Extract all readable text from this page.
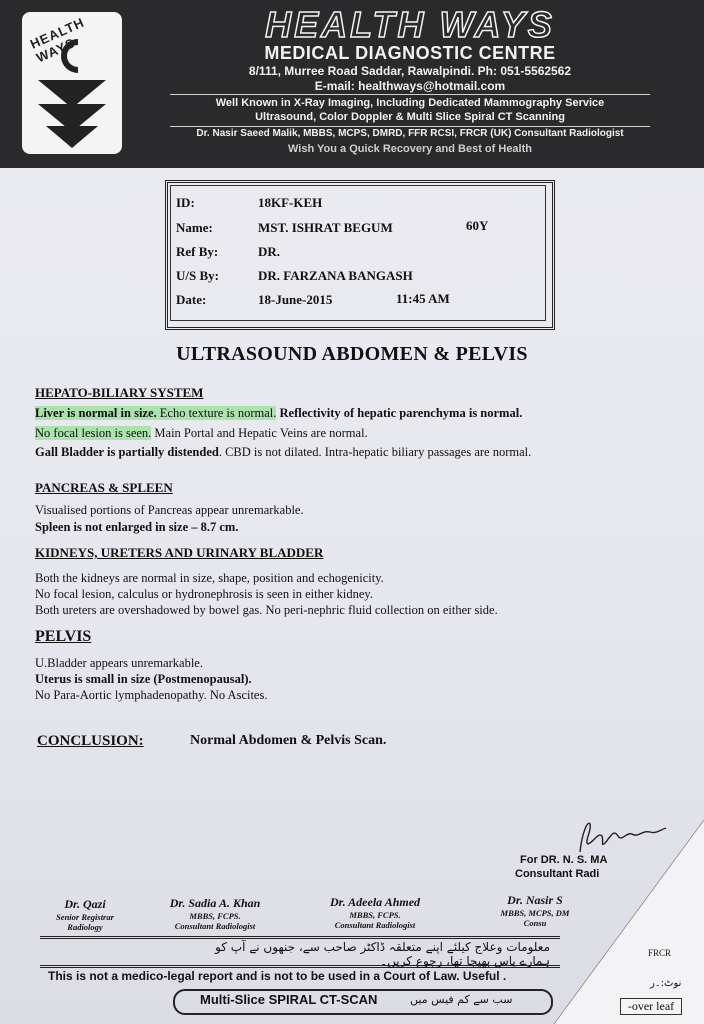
HEALTH WAYS
HEALTH WAYS
MEDICAL DIAGNOSTIC CENTRE
8/111, Murree Road Saddar, Rawalpindi. Ph: 051-5562562
E-mail: healthways@hotmail.com
Well Known in X-Ray Imaging, Including Dedicated Mammography Service
Ultrasound, Color Doppler & Multi Slice Spiral CT Scanning
Dr. Nasir Saeed Malik, MBBS, MCPS, DMRD, FFR RCSI, FRCR (UK) Consultant Radiologist
Wish You a Quick Recovery and Best of Health
ID:	18KF-KEH
Name:	MST. ISHRAT BEGUM	60Y
Ref By:	DR.
U/S By:	DR. FARZANA BANGASH
Date:	18-June-2015	11:45 AM
ULTRASOUND ABDOMEN & PELVIS
HEPATO-BILIARY SYSTEM
Liver is normal in size. Echo texture is normal. Reflectivity of hepatic parenchyma is normal.
No focal lesion is seen. Main Portal and Hepatic Veins are normal.
Gall Bladder is partially distended. CBD is not dilated. Intra-hepatic biliary passages are normal.
PANCREAS & SPLEEN
Visualised portions of Pancreas appear unremarkable.
Spleen is not enlarged in size – 8.7 cm.
KIDNEYS, URETERS AND URINARY BLADDER
Both the kidneys are normal in size, shape, position and echogenicity.
No focal lesion, calculus or hydronephrosis is seen in either kidney.
Both ureters are overshadowed by bowel gas. No peri-nephric fluid collection on either side.
PELVIS
U.Bladder appears unremarkable.
Uterus is small in size (Postmenopausal).
No Para-Aortic lymphadenopathy. No Ascites.
CONCLUSION:	Normal Abdomen & Pelvis Scan.
For DR. N. S. MA
Consultant Radi
Dr. Qazi
Senior Registrar
Radiology
Dr. Sadia A. Khan
MBBS, FCPS.
Consultant Radiologist
Dr. Adeela Ahmed
MBBS, FCPS.
Consultant Radiologist
Dr. Nasir S
MBBS, MCPS, DM
Consu
معلومات وعلاج کیلئے اپنے متعلقہ ڈاکٹر صاحب سے، جنھوں نے آپ کو ہمارے پاس بھیجا تھا، رجوع کریں۔
This is not a medico-legal report and is not to be used in a Court of Law. Useful .
Multi-Slice SPIRAL CT-SCAN	سب سے کم فیس میں
FRCR
نوٹ:۔ر
-over leaf
